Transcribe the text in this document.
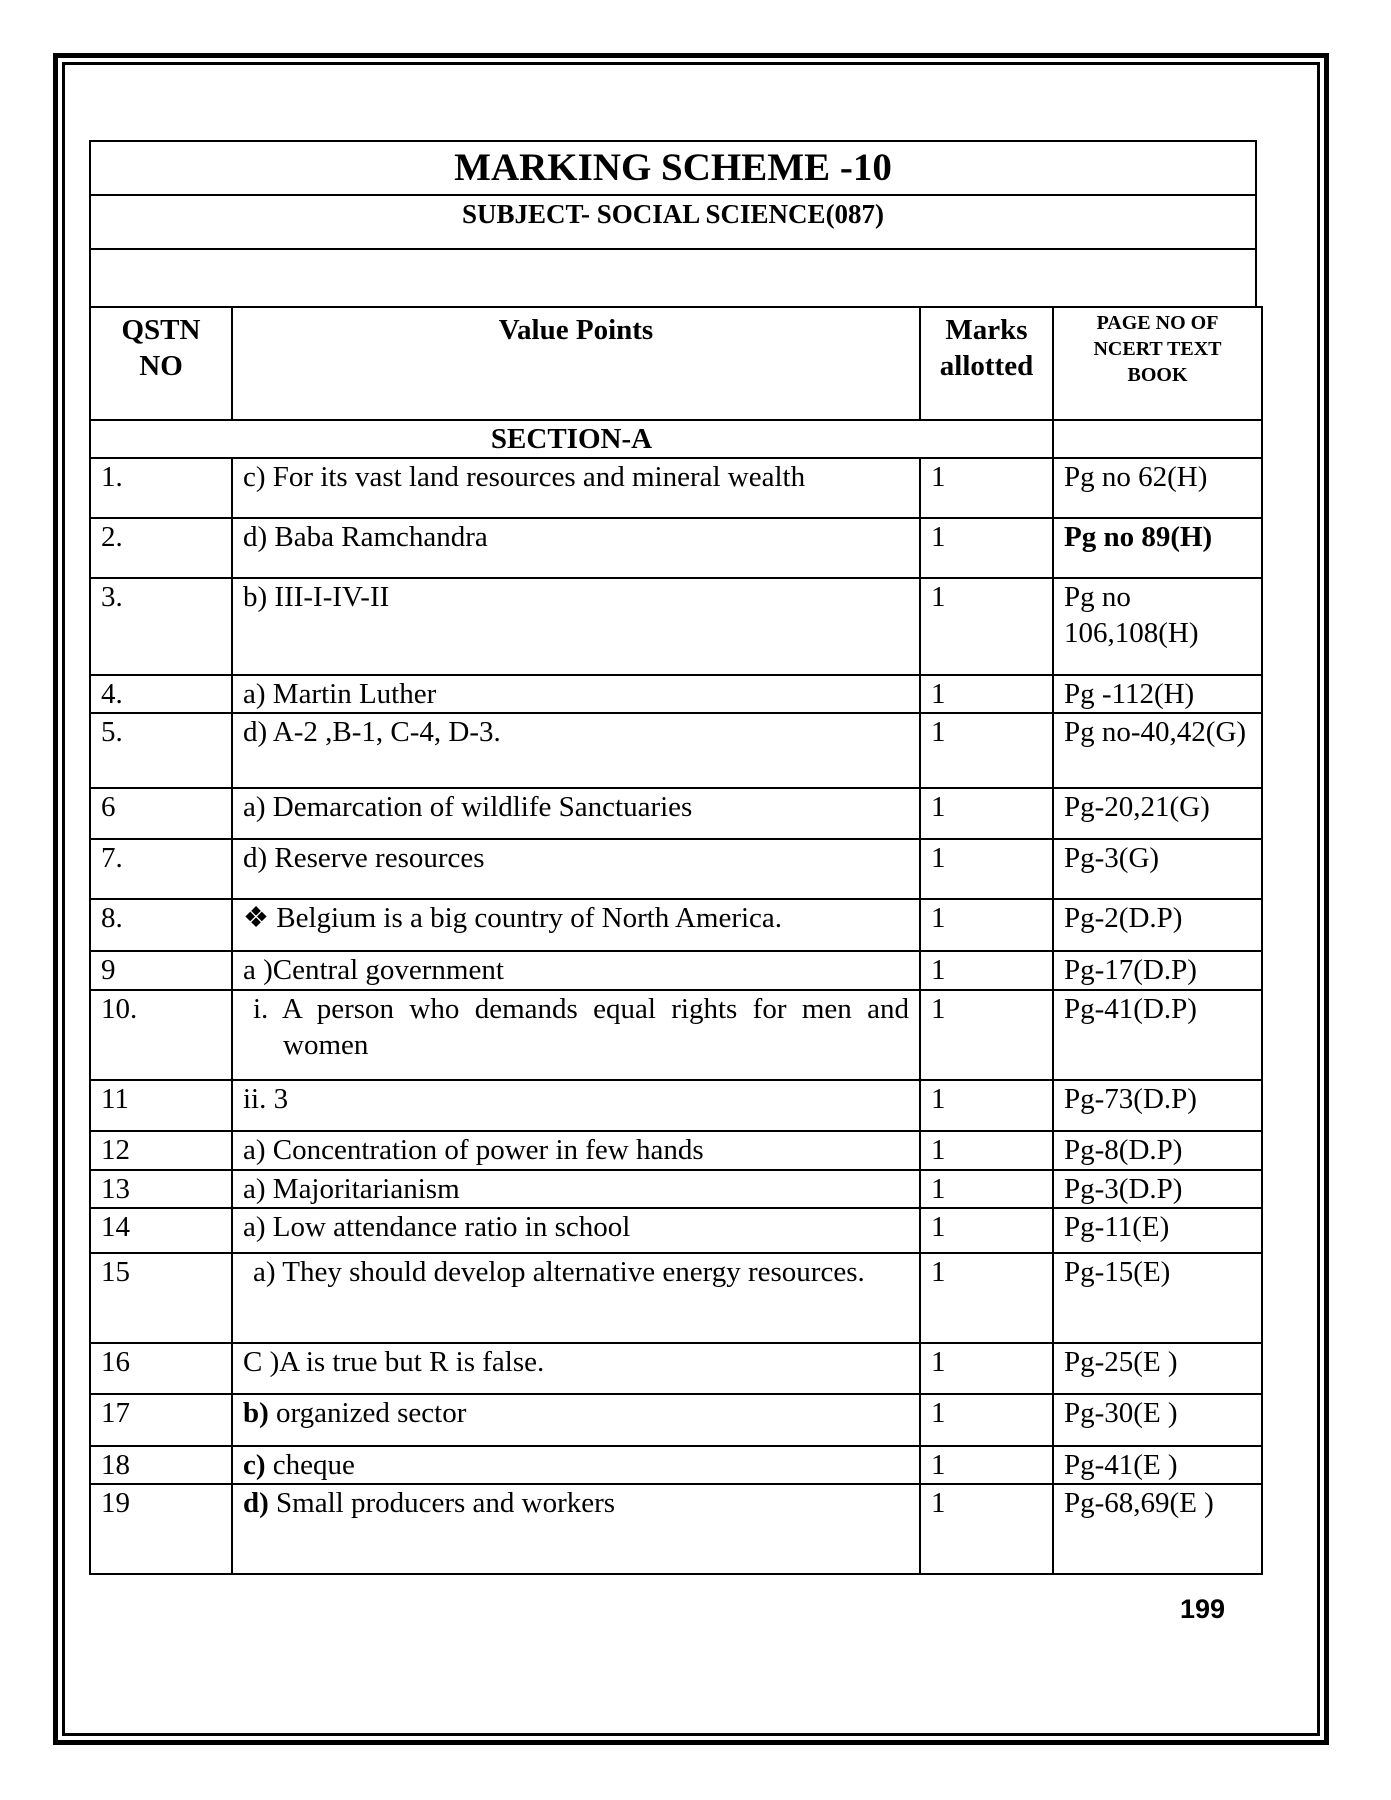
MARKING SCHEME -10
SUBJECT- SOCIAL SCIENCE(087)

QSTN NO	Value Points	Marks allotted	PAGE NO OF NCERT TEXT BOOK
SECTION-A			
1.	c) For its vast land resources and mineral wealth	1	Pg no 62(H)
2.	d) Baba Ramchandra	1	Pg no 89(H)
3.	b) III-I-IV-II	1	Pg no 106,108(H)
4.	a) Martin Luther	1	Pg -112(H)
5.	d) A-2 ,B-1, C-4, D-3.	1	Pg no-40,42(G)
6	a) Demarcation of wildlife Sanctuaries	1	Pg-20,21(G)
7.	d) Reserve resources	1	Pg-3(G)
8.	❖ Belgium is a big country of North America.	1	Pg-2(D.P)
9	a )Central government	1	Pg-17(D.P)
10.	i. A person who demands equal rights for men and women	1	Pg-41(D.P)
11	ii. 3	1	Pg-73(D.P)
12	a) Concentration of power in few hands	1	Pg-8(D.P)
13	a) Majoritarianism	1	Pg-3(D.P)
14	a) Low attendance ratio in school	1	Pg-11(E)
15	a) They should develop alternative energy resources.	1	Pg-15(E)
16	C )A is true but R is false.	1	Pg-25(E )
17	b) organized sector	1	Pg-30(E )
18	c) cheque	1	Pg-41(E )
19	d) Small producers and workers	1	Pg-68,69(E )
199
